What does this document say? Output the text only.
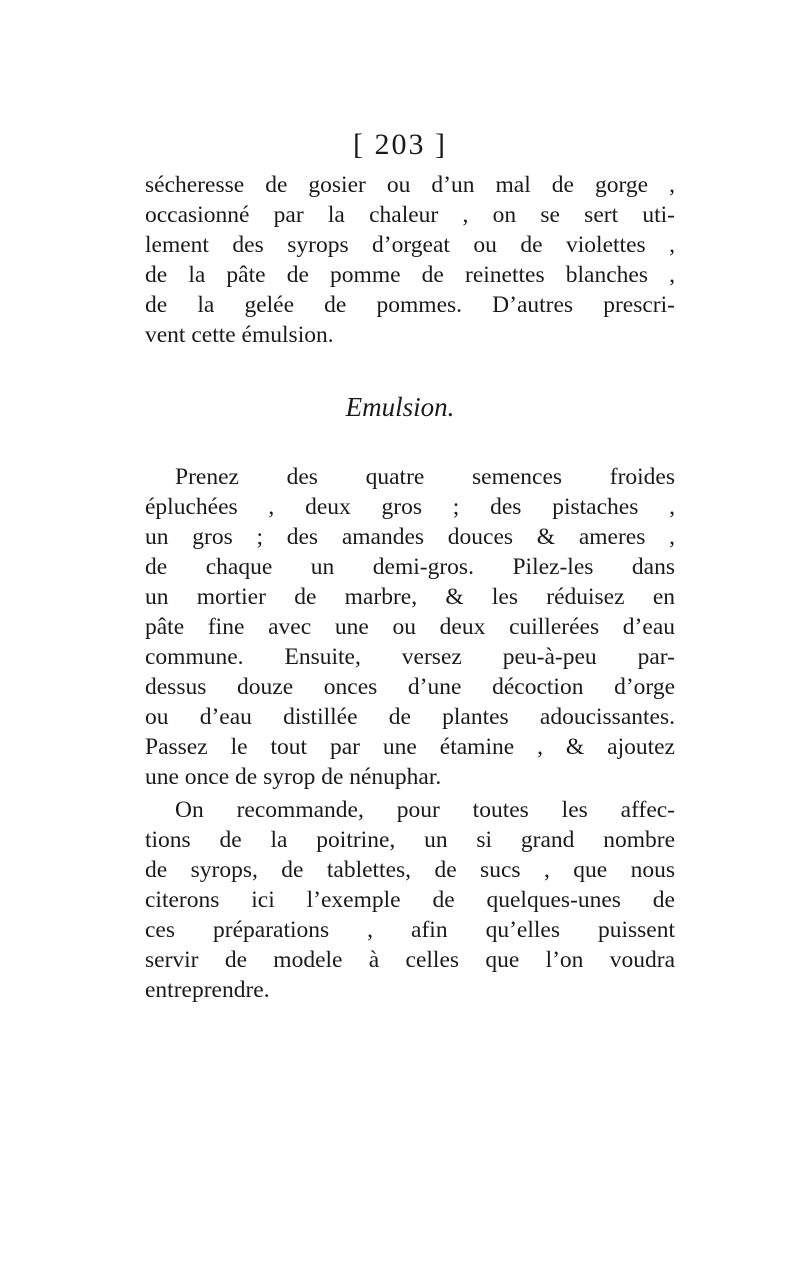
[ 203 ]
sécheresse de gosier ou d’un mal de gorge ,
occasionné par la chaleur , on se sert uti-
lement des syrops d’orgeat ou de violettes ,
de la pâte de pomme de reinettes blanches ,
de la gelée de pommes. D’autres prescri-
vent cette émulsion.
Emulsion.
Prenez des quatre semences froides
épluchées , deux gros ; des pistaches ,
un gros ; des amandes douces & ameres ,
de chaque un demi-gros. Pilez-les dans
un mortier de marbre, & les réduisez en
pâte fine avec une ou deux cuillerées d’eau
commune. Ensuite, versez peu-à-peu par-
dessus douze onces d’une décoction d’orge
ou d’eau distillée de plantes adoucissantes.
Passez le tout par une étamine , & ajoutez
une once de syrop de nénuphar.
On recommande, pour toutes les affec-
tions de la poitrine, un si grand nombre
de syrops, de tablettes, de sucs , que nous
citerons ici l’exemple de quelques-unes de
ces préparations , afin qu’elles puissent
servir de modele à celles que l’on voudra
entreprendre.
